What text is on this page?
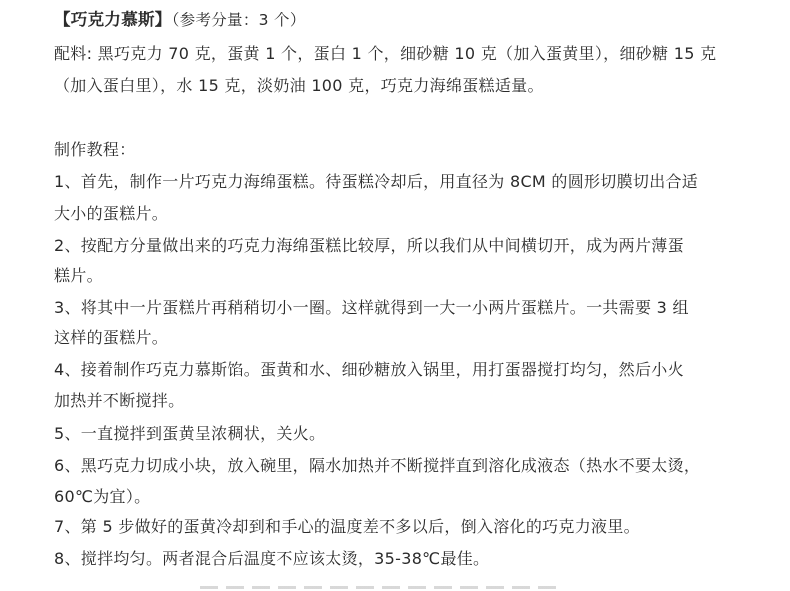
【巧克力慕斯】（参考分量：3 个）
配料: 黑巧克力 70 克，蛋黄 1 个，蛋白 1 个，细砂糖 10 克（加入蛋黄里），细砂糖 15 克
（加入蛋白里），水 15 克，淡奶油 100 克，巧克力海绵蛋糕适量。
制作教程：
1、首先，制作一片巧克力海绵蛋糕。待蛋糕冷却后，用直径为 8CM 的圆形切膜切出合适
大小的蛋糕片。
2、按配方分量做出来的巧克力海绵蛋糕比较厚，所以我们从中间横切开，成为两片薄蛋
糕片。
3、将其中一片蛋糕片再稍稍切小一圈。这样就得到一大一小两片蛋糕片。一共需要 3 组
这样的蛋糕片。
4、接着制作巧克力慕斯馅。蛋黄和水、细砂糖放入锅里，用打蛋器搅打均匀，然后小火
加热并不断搅拌。
5、一直搅拌到蛋黄呈浓稠状，关火。
6、黑巧克力切成小块，放入碗里，隔水加热并不断搅拌直到溶化成液态（热水不要太烫，
60℃为宜）。
7、第 5 步做好的蛋黄冷却到和手心的温度差不多以后，倒入溶化的巧克力液里。
8、搅拌均匀。两者混合后温度不应该太烫，35-38℃最佳。
